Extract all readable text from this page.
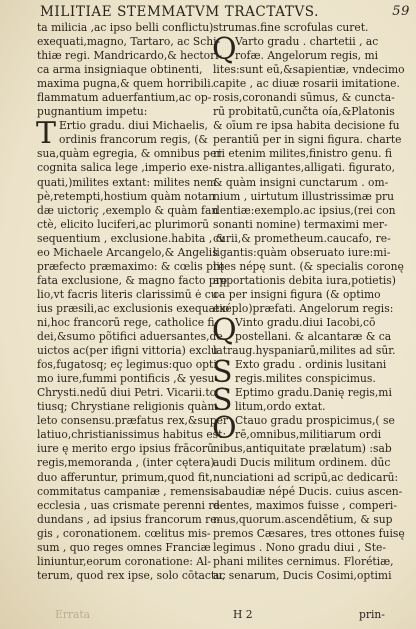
MILITIAE STEMMATVM TRACTATVS.	59
ta milicia ,ac ipso belli conflictu)
exequati,magno, Tartaro, ac Schi-
thiæ regi. Mandricardo,& hectori-
ca arma insigniaque obtinenti,
maxima pugna,& quem horribili.
flammatum aduerfantium,ac op-
pugnantium impetu:
Ertio gradu. diui Michaelis,
ordinis francorum regis, (&
sua,quàm egregia, & omnibus per
cognita salica lege ,imperio exe-
quati,)milites extant: milites nem
pè,retempti,hostium quàm notan
dæ uictoriç ,exemplo & quàm fan
ctè, elicito luciferi,ac plurimorū
sequentium , exclusione.habita , &
eo Michaele Arcangelo,& Angelis
præfecto præmaximo: & cœlis prę
fata exclusione, & magno facto prę
lio,vt facris literis clarissimū ė cu-
ius præsili,ac exclusionis exequatio
ni,hoc francorū rege, catholice fi-
dei,&sumo põtifici aduersantes,de
uictos ac(per ifigni vittoria) exclu
fos,fugatosq; eç legimus:quo opti
mo iure,fummi pontificis ,& yesu
Chrysti.nedū diui Petri. Vicarii.to
tiusq; Chrystiane religionis quàm
leto consensu.præfatus rex,&super
latiuo,christianissimus habitus est:
iure ę merito ergo ipsius frācorū
regis,memoranda , (inter cętera)
duo afferuntur, primum,quod fit,
commitatus campaniæ , remensi
ecclesia , uas crismate perenni re-
dundans , ad ipsius francorum re-
gis , coronationem. cœlitus mis-
sum , quo reges omnes Franciæ
liniuntur,eorum coronatione: Al-
terum, quod rex ipse, solo cōtactu,
T
strumas.fine scrofulas curet.
Varto gradu . chartetii , ac
rofæ. Angelorum regis, mi
lites:sunt eū,&sapientiæ, vndecimo
capite , ac diuæ rosarii imitatione.
rosis,coronandi sūmus, & cuncta-
rū probitatū,cunčta oía,&Platonis
& oīum re ipsa habita decisione fu
perantiū per in signi figura. charte
rii etenim milites,finistro genu. fi
nistra.alligantes,alligati. figurato,
& quàm insigni cunctarum . om-
nium , uirtutum illustrissimæ pru
dentiæ:exemplo.ac ipsius,(rei con
sonanti nomine) termaximi mer-
curii,& prometheum.caucafo, re-
ligantis:quàm obseruato iure:mi-
lites népę sunt. (& specialis coronę
apportationis debita iura,potietis)
ca per insigni figura (& optimo
exéplo)præfati. Angelorum regis:
Vinto gradu.diui Iacobi,cō
postellani. & alcantaræ & ca
latraug.hyspaniarū,milites ad sūr.
Exto gradu . ordinis lusitani
regis.milites conspicimus.
Eptimo gradu.Danię regis,mi
litum,ordo extat.
Ctauo gradu prospicimus,( se
rē,omnibus,militiarum ordi
nibus,antiquitate prælatum) :sab
audi Ducis militum ordinem. dūc
nunciationi ad scripū,ac dedicarū:
sabaudiæ népé Ducis. cuius ascen-
dentes, maximos fuisse , comperi-
mus,quorum.ascendētium, & sup
premos Cæsares, tres ottones fuisę
legimus . Nono gradu diui , Ste-
phani milites cernimus. Florétiæ,
ac senarum, Ducis Cosimi,optimi
Q
Q
S
S
O
Errata	H 2	prin-
